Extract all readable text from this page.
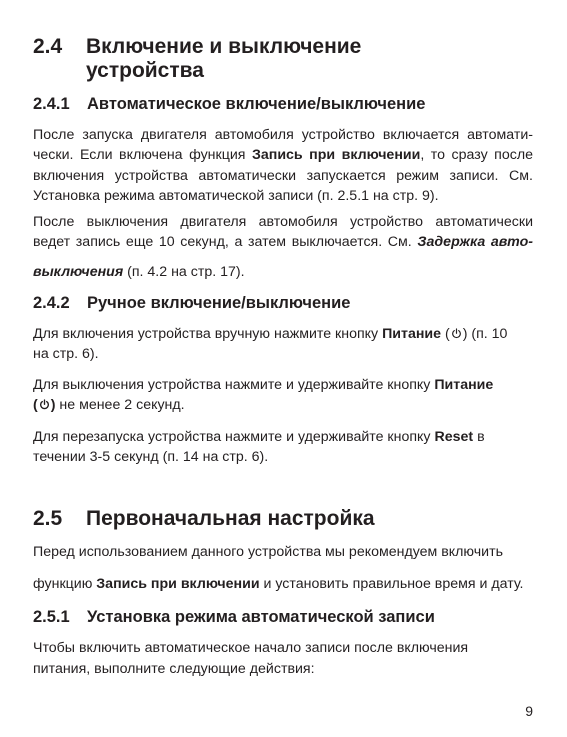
2.4 Включение и выключение
устройства
2.4.1 Автоматическое включение/выключение
После запуска двигателя автомобиля устройство включается автомати-
чески. Если включена функция Запись при включении, то сразу после
включения устройства автоматически запускается режим записи. См.
Установка режима автоматической записи (п. 2.5.1 на стр. 9).
После выключения двигателя автомобиля устройство автоматически
ведет запись еще 10 секунд, а затем выключается. См. Задержка авто-
выключения (п. 4.2 на стр. 17).
2.4.2 Ручное включение/выключение
Для включения устройства вручную нажмите кнопку Питание ( ) (п. 10
на стр. 6).
Для выключения устройства нажмите и удерживайте кнопку Питание
( ) не менее 2 секунд.
Для перезапуска устройства нажмите и удерживайте кнопку Reset в
течении 3-5 секунд (п. 14 на стр. 6).
2.5 Первоначальная настройка
Перед использованием данного устройства мы рекомендуем включить
функцию Запись при включении и установить правильное время и дату.
2.5.1 Установка режима автоматической записи
Чтобы включить автоматическое начало записи после включения
питания, выполните следующие действия:
9
